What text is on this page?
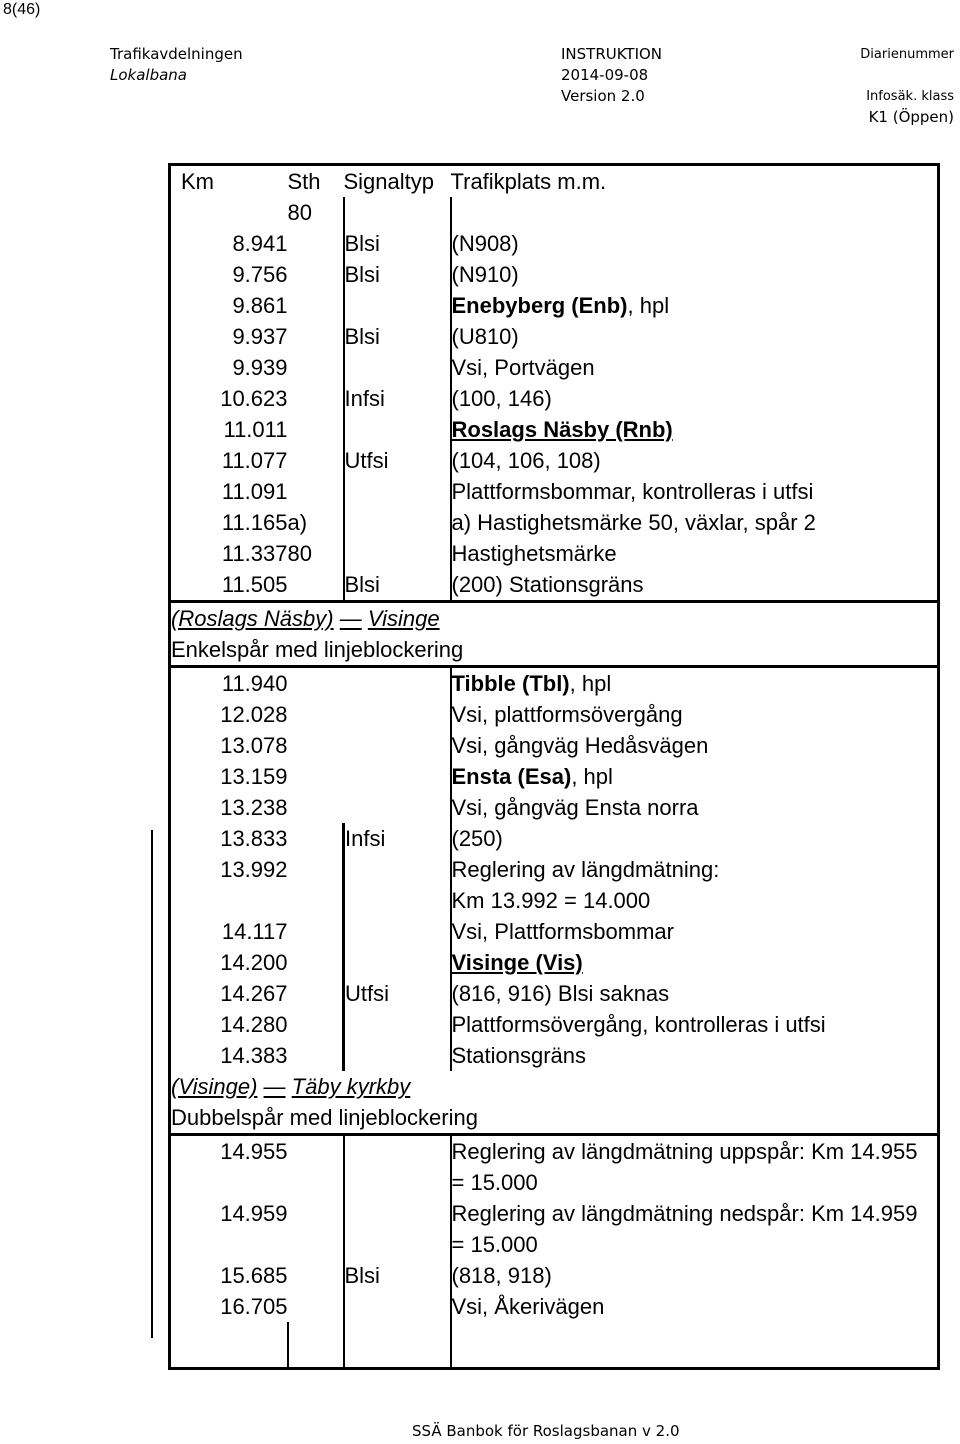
8(46)
Trafikavdelningen
Lokalbana
INSTRUKTION
2014-09-08
Version 2.0
Diarienummer
Infosäk. klass
K1 (Öppen)
Km	Sth	Signaltyp	Trafikplats m.m.
	80		
8.941		Blsi	(N908)
9.756		Blsi	(N910)
9.861			Enebyberg (Enb), hpl
9.937		Blsi	(U810)
9.939			Vsi, Portvägen
10.623		Infsi	(100, 146)
11.011			Roslags Näsby (Rnb)
11.077		Utfsi	(104, 106, 108)
11.091			Plattformsbommar, kontrolleras i utfsi
11.165	a)		a) Hastighetsmärke 50, växlar, spår 2
11.337	80		Hastighetsmärke
11.505		Blsi	(200) Stationsgräns
(Roslags Näsby) — Visinge			
Enkelspår med linjeblockering			
11.940			Tibble (Tbl), hpl
12.028			Vsi, plattformsövergång
13.078			Vsi, gångväg Hedåsvägen
13.159			Ensta (Esa), hpl
13.238			Vsi, gångväg Ensta norra
13.833		Infsi	(250)
13.992			Reglering av längdmätning:
Km 13.992 = 14.000
14.117			Vsi, Plattformsbommar
14.200			Visinge (Vis)
14.267		Utfsi	(816, 916) Blsi saknas
14.280			Plattformsövergång, kontrolleras i utfsi
14.383			Stationsgräns
(Visinge) — Täby kyrkby			
Dubbelspår med linjeblockering			
14.955			Reglering av längdmätning uppspår: Km 14.955
= 15.000
14.959			Reglering av längdmätning nedspår: Km 14.959
= 15.000
15.685		Blsi	(818, 918)
16.705			Vsi, Åkerivägen

SSÄ Banbok för Roslagsbanan v 2.0
